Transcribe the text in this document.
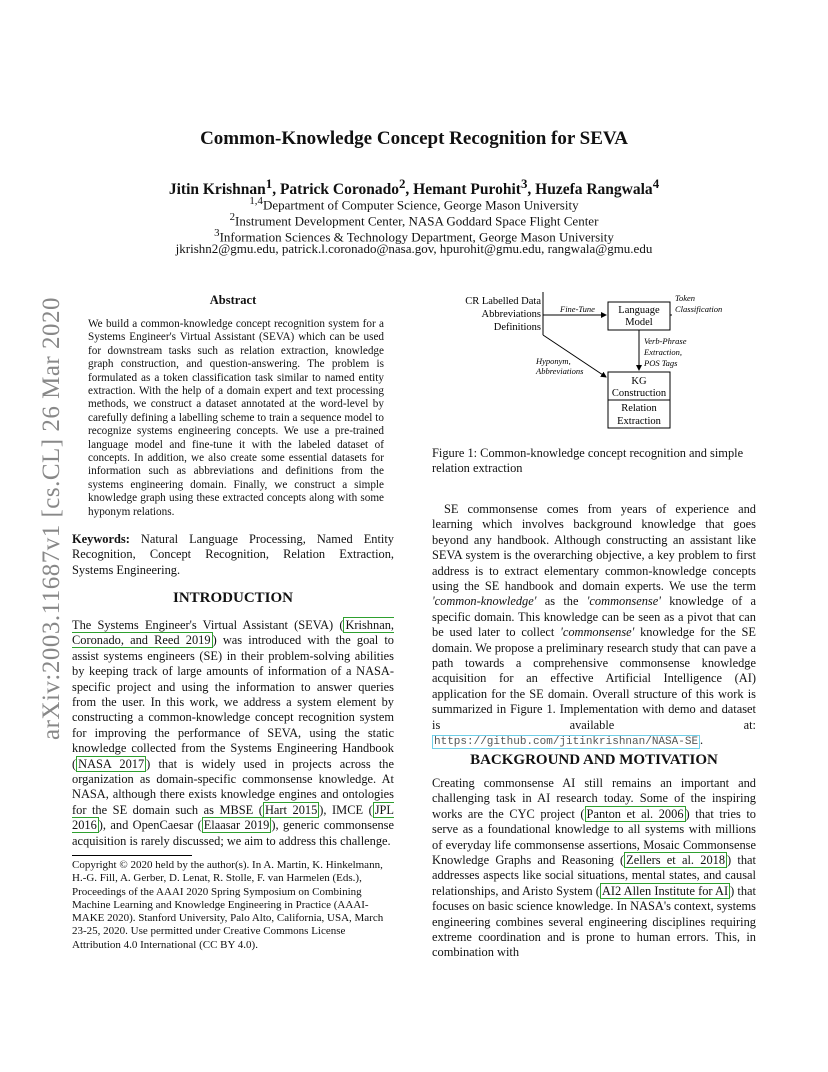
arXiv:2003.11687v1 [cs.CL] 26 Mar 2020
Common-Knowledge Concept Recognition for SEVA
Jitin Krishnan$^1$, Patrick Coronado$^2$, Hemant Purohit$^3$, Huzefa Rangwala$^4$
$^{1,4}$Department of Computer Science, George Mason University
$^2$Instrument Development Center, NASA Goddard Space Flight Center
$^3$Information Sciences & Technology Department, George Mason University
jkrishn2@gmu.edu, patrick.l.coronado@nasa.gov, hpurohit@gmu.edu, rangwala@gmu.edu
Abstract
We build a common-knowledge concept recognition system for a Systems Engineer's Virtual Assistant (SEVA) which can be used for downstream tasks such as relation extraction, knowledge graph construction, and question-answering. The problem is formulated as a token classification task similar to named entity extraction. With the help of a domain expert and text processing methods, we construct a dataset annotated at the word-level by carefully defining a labelling scheme to train a sequence model to recognize systems engineering concepts. We use a pre-trained language model and fine-tune it with the labeled dataset of concepts. In addition, we also create some essential datasets for information such as abbreviations and definitions from the systems engineering domain. Finally, we construct a simple knowledge graph using these extracted concepts along with some hyponym relations.
Keywords: Natural Language Processing, Named Entity Recognition, Concept Recognition, Relation Extraction, Systems Engineering.
INTRODUCTION
The Systems Engineer's Virtual Assistant (SEVA) ( Krishnan, Coronado, and Reed 2019 ) was introduced with the goal to assist systems engineers (SE) in their problem-solving abilities by keeping track of large amounts of information of a NASA-specific project and using the information to answer queries from the user. In this work, we address a system element by constructing a common-knowledge concept recognition system for improving the performance of SEVA, using the static knowledge collected from the Systems Engineering Handbook ( NASA 2017 ) that is widely used in projects across the organization as domain-specific commonsense knowledge. At NASA, although there exists knowledge engines and ontologies for the SE domain such as MBSE ( Hart 2015 ), IMCE ( JPL 2016 ), and OpenCaesar ( Elaasar 2019 ), generic commonsense acquisition is rarely discussed; we aim to address this challenge.
Copyright © 2020 held by the author(s). In A. Martin, K. Hinkelmann, H.-G. Fill, A. Gerber, D. Lenat, R. Stolle, F. van Harmelen (Eds.), Proceedings of the AAAI 2020 Spring Symposium on Combining Machine Learning and Knowledge Engineering in Practice (AAAI-MAKE 2020). Stanford University, Palo Alto, California, USA, March 23-25, 2020. Use permitted under Creative Commons License Attribution 4.0 International (CC BY 4.0).
CR Labelled Data
Abbreviations
Definitions
Fine-Tune Language
Model
Token
Classification
Verb-Phrase
Extraction,
POS Tags
Hyponym,
Abbreviations
KG
Construction
Relation
Extraction
Figure 1: Common-knowledge concept recognition and simple relation extraction
SE commonsense comes from years of experience and learning which involves background knowledge that goes beyond any handbook. Although constructing an assistant like SEVA system is the overarching objective, a key problem to first address is to extract elementary common-knowledge concepts using the SE handbook and domain experts. We use the term 'common-knowledge' as the 'commonsense' knowledge of a specific domain. This knowledge can be seen as a pivot that can be used later to collect 'commonsense' knowledge for the SE domain. We propose a preliminary research study that can pave a path towards a comprehensive commonsense knowledge acquisition for an effective Artificial Intelligence (AI) application for the SE domain. Overall structure of this work is summarized in Figure 1. Implementation with demo and dataset is available at: https://github.com/jitinkrishnan/NASA-SE .
BACKGROUND AND MOTIVATION
Creating commonsense AI still remains an important and challenging task in AI research today. Some of the inspiring works are the CYC project ( Panton et al. 2006 ) that tries to serve as a foundational knowledge to all systems with millions of everyday life commonsense assertions, Mosaic Commonsense Knowledge Graphs and Reasoning ( Zellers et al. 2018 ) that addresses aspects like social situations, mental states, and causal relationships, and Aristo System ( AI2 Allen Institute for AI ) that focuses on basic science knowledge. In NASA's context, systems engineering combines several engineering disciplines requiring extreme coordination and is prone to human errors. This, in combination with
